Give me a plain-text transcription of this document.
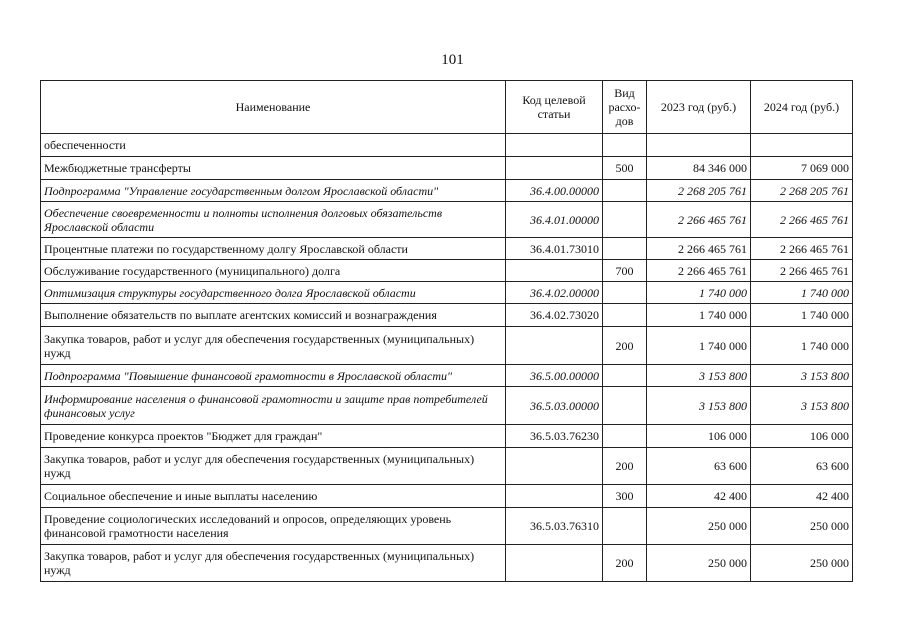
101
Наименование	Код целевой статьи	Вид расхо-дов	2023 год (руб.)	2024 год (руб.)
обеспеченности				
Межбюджетные трансферты		500	84 346 000	7 069 000
Подпрограмма "Управление государственным долгом Ярославской области"	36.4.00.00000		2 268 205 761	2 268 205 761
Обеспечение своевременности и полноты исполнения долговых обязательств Ярославской области	36.4.01.00000		2 266 465 761	2 266 465 761
Процентные платежи по государственному долгу Ярославской области	36.4.01.73010		2 266 465 761	2 266 465 761
Обслуживание государственного (муниципального) долга		700	2 266 465 761	2 266 465 761
Оптимизация структуры государственного долга Ярославской области	36.4.02.00000		1 740 000	1 740 000
Выполнение обязательств по выплате агентских комиссий и вознаграждения	36.4.02.73020		1 740 000	1 740 000
Закупка товаров, работ и услуг для обеспечения государственных (муниципальных) нужд		200	1 740 000	1 740 000
Подпрограмма "Повышение финансовой грамотности в Ярославской области"	36.5.00.00000		3 153 800	3 153 800
Информирование населения о финансовой грамотности и защите прав потребителей финансовых услуг	36.5.03.00000		3 153 800	3 153 800
Проведение конкурса проектов "Бюджет для граждан"	36.5.03.76230		106 000	106 000
Закупка товаров, работ и услуг для обеспечения государственных (муниципальных) нужд		200	63 600	63 600
Социальное обеспечение и иные выплаты населению		300	42 400	42 400
Проведение социологических исследований и опросов, определяющих уровень финансовой грамотности населения	36.5.03.76310		250 000	250 000
Закупка товаров, работ и услуг для обеспечения государственных (муниципальных) нужд		200	250 000	250 000
